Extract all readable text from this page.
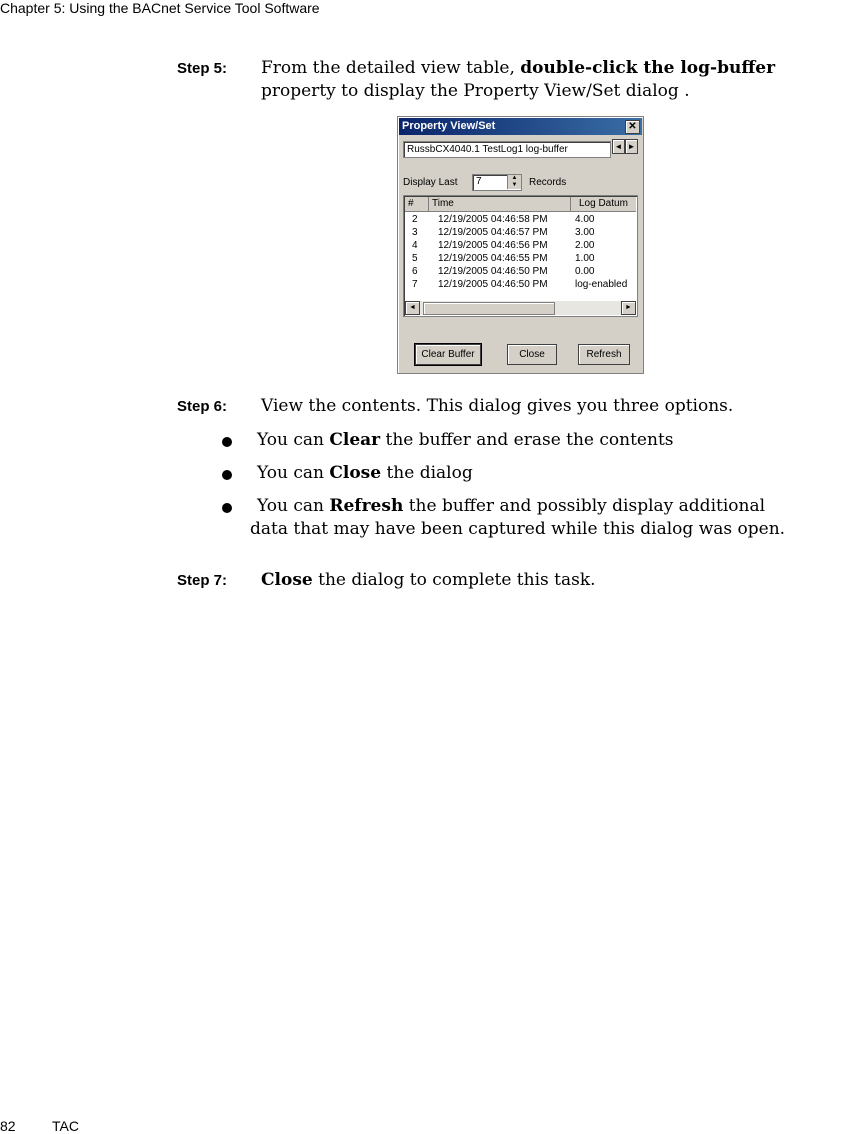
Chapter 5: Using the BACnet Service Tool Software
Step 5: From the detailed view table, double-click the log-buffer
property to display the Property View/Set dialog .
Property View/Set	✕
RussbCX4040.1 TestLog1 log-buffer	◄ ►
Display Last 7	▲
▼	Records
#	Time	Log Datum
2 12/19/2005 04:46:58 PM	4.00
3 12/19/2005 04:46:57 PM	3.00
4 12/19/2005 04:46:56 PM	2.00
5 12/19/2005 04:46:55 PM	1.00
6 12/19/2005 04:46:50 PM	0.00
7 12/19/2005 04:46:50 PM	log-enabled
◄	►
Clear Buffer	Close	Refresh
Step 6: View the contents. This dialog gives you three options.
You can Clear the buffer and erase the contents
You can Close the dialog
You can Refresh the buffer and possibly display additional
data that may have been captured while this dialog was open.
Step 7: Close the dialog to complete this task.
82	TAC
